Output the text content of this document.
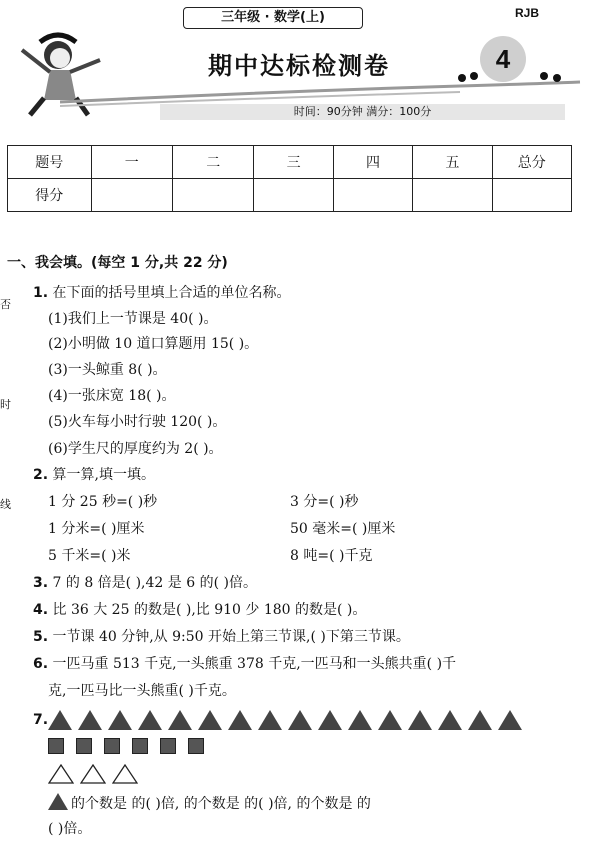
三年级 · 数学(上)	RJB
期中达标检测卷	4
时间：90分钟 满分：100分
题号	一	二	三	四	五	总分
得分						
否
时
线
一、我会填。(每空 1 分,共 22 分)
1. 在下面的括号里填上合适的单位名称。
(1)我们上一节课是 40( )。
(2)小明做 10 道口算题用 15( )。
(3)一头鲸重 8( )。
(4)一张床宽 18( )。
(5)火车每小时行驶 120( )。
(6)学生尺的厚度约为 2( )。
2. 算一算,填一填。
1 分 25 秒=( )秒	3 分=( )秒
1 分米=( )厘米	50 毫米=( )厘米
5 千米=( )米	8 吨=( )千克
3. 7 的 8 倍是( ),42 是 6 的( )倍。
4. 比 36 大 25 的数是( ),比 910 少 180 的数是( )。
5. 一节课 40 分钟,从 9:50 开始上第三节课,( )下第三节课。
6. 一匹马重 513 千克,一头熊重 378 千克,一匹马和一头熊共重( )千
克,一匹马比一头熊重( )千克。
7.
的个数是 的( )倍, 的个数是 的( )倍, 的个数是 的
( )倍。
